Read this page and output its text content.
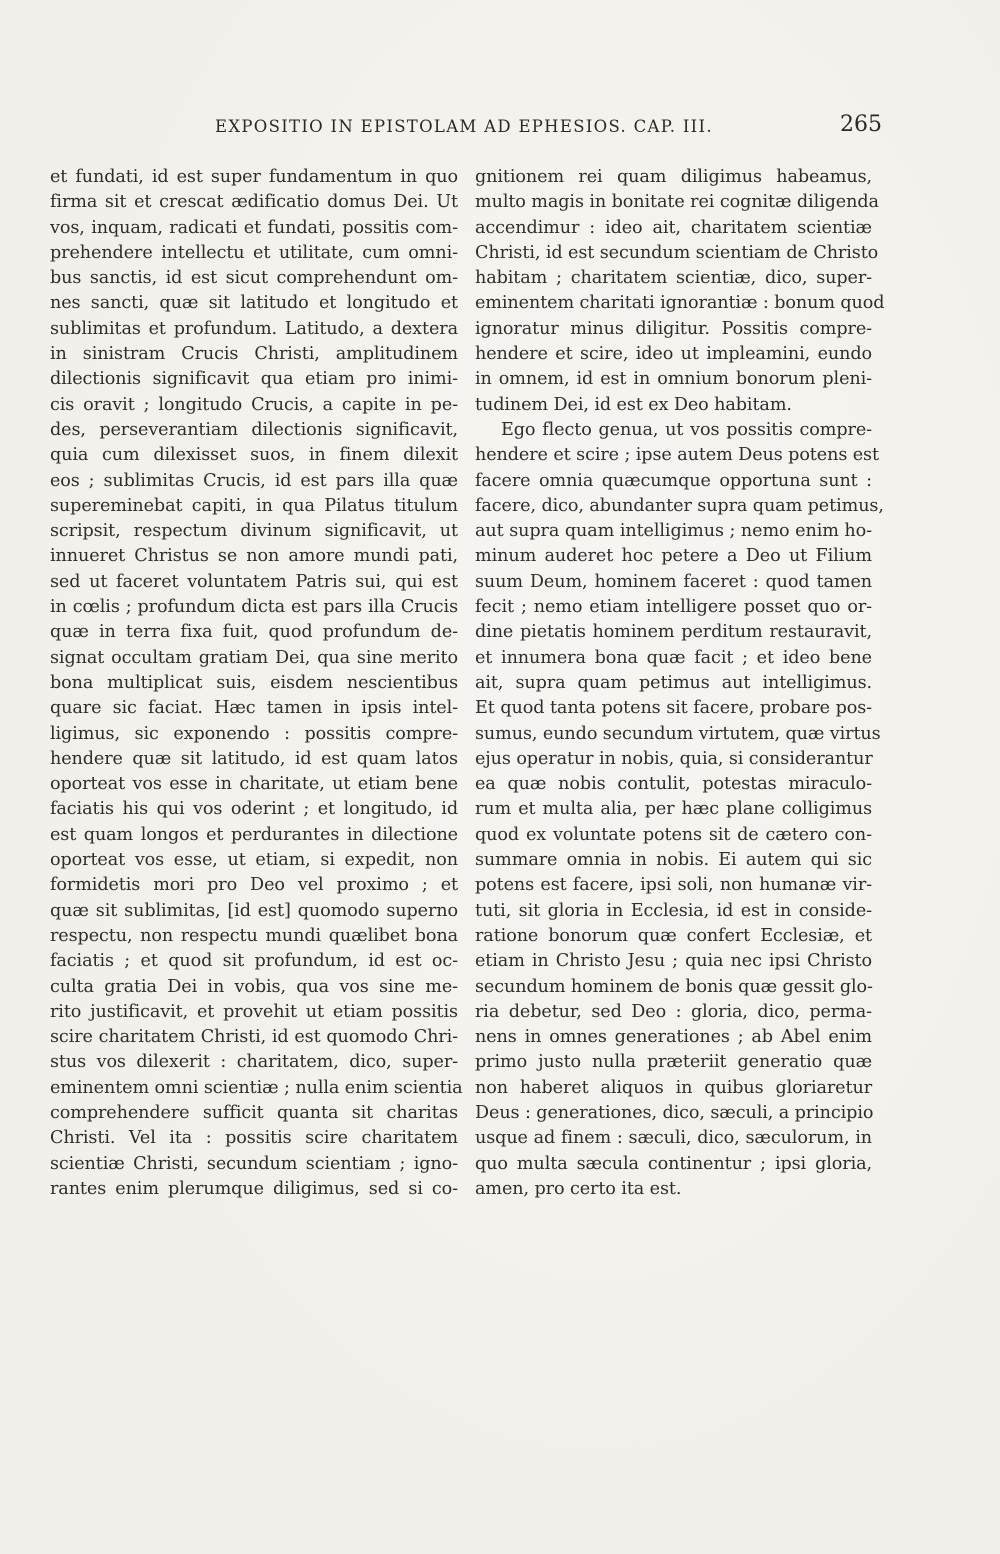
EXPOSITIO IN EPISTOLAM AD EPHESIOS. CAP. III.	265
et fundati, id est super fundamentum in quo
firma sit et crescat ædificatio domus Dei. Ut
vos, inquam, radicati et fundati, possitis com-
prehendere intellectu et utilitate, cum omni-
bus sanctis, id est sicut comprehendunt om-
nes sancti, quæ sit latitudo et longitudo et
sublimitas et profundum. Latitudo, a dextera
in sinistram Crucis Christi, amplitudinem
dilectionis significavit qua etiam pro inimi-
cis oravit ; longitudo Crucis, a capite in pe-
des, perseverantiam dilectionis significavit,
quia cum dilexisset suos, in finem dilexit
eos ; sublimitas Crucis, id est pars illa quæ
supereminebat capiti, in qua Pilatus titulum
scripsit, respectum divinum significavit, ut
innueret Christus se non amore mundi pati,
sed ut faceret voluntatem Patris sui, qui est
in cœlis ; profundum dicta est pars illa Crucis
quæ in terra fixa fuit, quod profundum de-
signat occultam gratiam Dei, qua sine merito
bona multiplicat suis, eisdem nescientibus
quare sic faciat. Hæc tamen in ipsis intel-
ligimus, sic exponendo : possitis compre-
hendere quæ sit latitudo, id est quam latos
oporteat vos esse in charitate, ut etiam bene
faciatis his qui vos oderint ; et longitudo, id
est quam longos et perdurantes in dilectione
oporteat vos esse, ut etiam, si expedit, non
formidetis mori pro Deo vel proximo ; et
quæ sit sublimitas, [id est] quomodo superno
respectu, non respectu mundi quælibet bona
faciatis ; et quod sit profundum, id est oc-
culta gratia Dei in vobis, qua vos sine me-
rito justificavit, et provehit ut etiam possitis
scire charitatem Christi, id est quomodo Chri-
stus vos dilexerit : charitatem, dico, super-
eminentem omni scientiæ ; nulla enim scientia
comprehendere sufficit quanta sit charitas
Christi. Vel ita : possitis scire charitatem
scientiæ Christi, secundum scientiam ; igno-
rantes enim plerumque diligimus, sed si co-
gnitionem rei quam diligimus habeamus,
multo magis in bonitate rei cognitæ diligenda
accendimur : ideo ait, charitatem scientiæ
Christi, id est secundum scientiam de Christo
habitam ; charitatem scientiæ, dico, super-
eminentem charitati ignorantiæ : bonum quod
ignoratur minus diligitur. Possitis compre-
hendere et scire, ideo ut impleamini, eundo
in omnem, id est in omnium bonorum pleni-
tudinem Dei, id est ex Deo habitam.
Ego flecto genua, ut vos possitis compre-
hendere et scire ; ipse autem Deus potens est
facere omnia quæcumque opportuna sunt :
facere, dico, abundanter supra quam petimus,
aut supra quam intelligimus ; nemo enim ho-
minum auderet hoc petere a Deo ut Filium
suum Deum, hominem faceret : quod tamen
fecit ; nemo etiam intelligere posset quo or-
dine pietatis hominem perditum restauravit,
et innumera bona quæ facit ; et ideo bene
ait, supra quam petimus aut intelligimus.
Et quod tanta potens sit facere, probare pos-
sumus, eundo secundum virtutem, quæ virtus
ejus operatur in nobis, quia, si considerantur
ea quæ nobis contulit, potestas miraculo-
rum et multa alia, per hæc plane colligimus
quod ex voluntate potens sit de cætero con-
summare omnia in nobis. Ei autem qui sic
potens est facere, ipsi soli, non humanæ vir-
tuti, sit gloria in Ecclesia, id est in conside-
ratione bonorum quæ confert Ecclesiæ, et
etiam in Christo Jesu ; quia nec ipsi Christo
secundum hominem de bonis quæ gessit glo-
ria debetur, sed Deo : gloria, dico, perma-
nens in omnes generationes ; ab Abel enim
primo justo nulla præteriit generatio quæ
non haberet aliquos in quibus gloriaretur
Deus : generationes, dico, sæculi, a principio
usque ad finem : sæculi, dico, sæculorum, in
quo multa sæcula continentur ; ipsi gloria,
amen, pro certo ita est.
